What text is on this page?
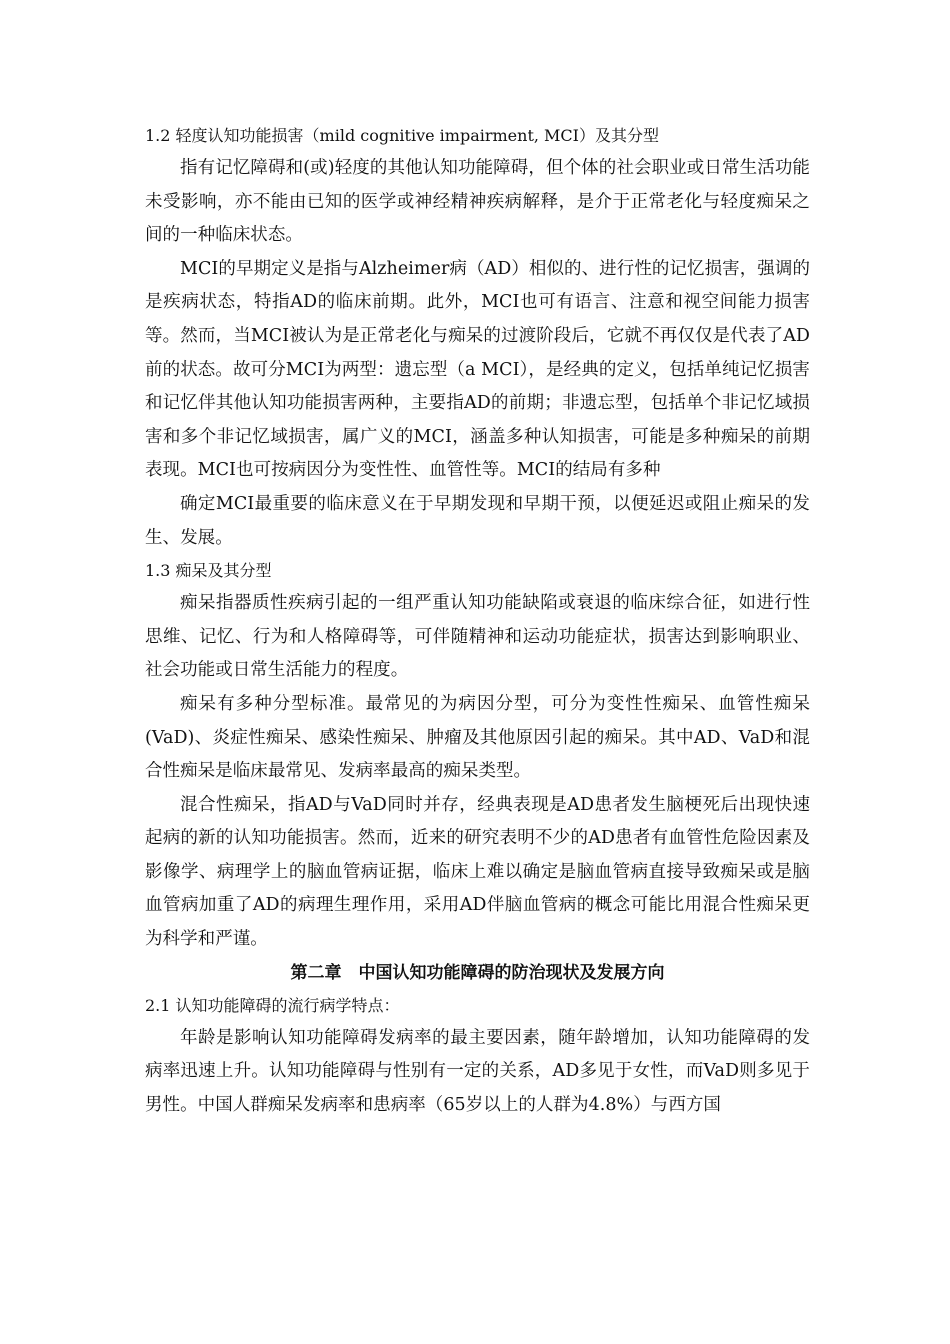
1.2 轻度认知功能损害（mild cognitive impairment, MCI）及其分型

指有记忆障碍和(或)轻度的其他认知功能障碍，但个体的社会职业或日常生活功能未受影响，亦不能由已知的医学或神经精神疾病解释，是介于正常老化与轻度痴呆之间的一种临床状态。

MCI的早期定义是指与Alzheimer病（AD）相似的、进行性的记忆损害，强调的是疾病状态，特指AD的临床前期。此外，MCI也可有语言、注意和视空间能力损害等。然而，当MCI被认为是正常老化与痴呆的过渡阶段后，它就不再仅仅是代表了AD前的状态。故可分MCI为两型：遗忘型（a MCI），是经典的定义，包括单纯记忆损害和记忆伴其他认知功能损害两种，主要指AD的前期；非遗忘型，包括单个非记忆域损害和多个非记忆域损害，属广义的MCI，涵盖多种认知损害，可能是多种痴呆的前期表现。MCI也可按病因分为变性性、血管性等。MCI的结局有多种

确定MCI最重要的临床意义在于早期发现和早期干预，以便延迟或阻止痴呆的发生、发展。

1.3 痴呆及其分型

痴呆指器质性疾病引起的一组严重认知功能缺陷或衰退的临床综合征，如进行性思维、记忆、行为和人格障碍等，可伴随精神和运动功能症状，损害达到影响职业、社会功能或日常生活能力的程度。

痴呆有多种分型标准。最常见的为病因分型，可分为变性性痴呆、血管性痴呆(VaD)、炎症性痴呆、感染性痴呆、肿瘤及其他原因引起的痴呆。其中AD、VaD和混合性痴呆是临床最常见、发病率最高的痴呆类型。

混合性痴呆，指AD与VaD同时并存，经典表现是AD患者发生脑梗死后出现快速起病的新的认知功能损害。然而，近来的研究表明不少的AD患者有血管性危险因素及影像学、病理学上的脑血管病证据，临床上难以确定是脑血管病直接导致痴呆或是脑血管病加重了AD的病理生理作用，采用AD伴脑血管病的概念可能比用混合性痴呆更为科学和严谨。

第二章　中国认知功能障碍的防治现状及发展方向

2.1 认知功能障碍的流行病学特点：

年龄是影响认知功能障碍发病率的最主要因素，随年龄增加，认知功能障碍的发病率迅速上升。认知功能障碍与性别有一定的关系，AD多见于女性，而VaD则多见于男性。中国人群痴呆发病率和患病率（65岁以上的人群为4.8%）与西方国
